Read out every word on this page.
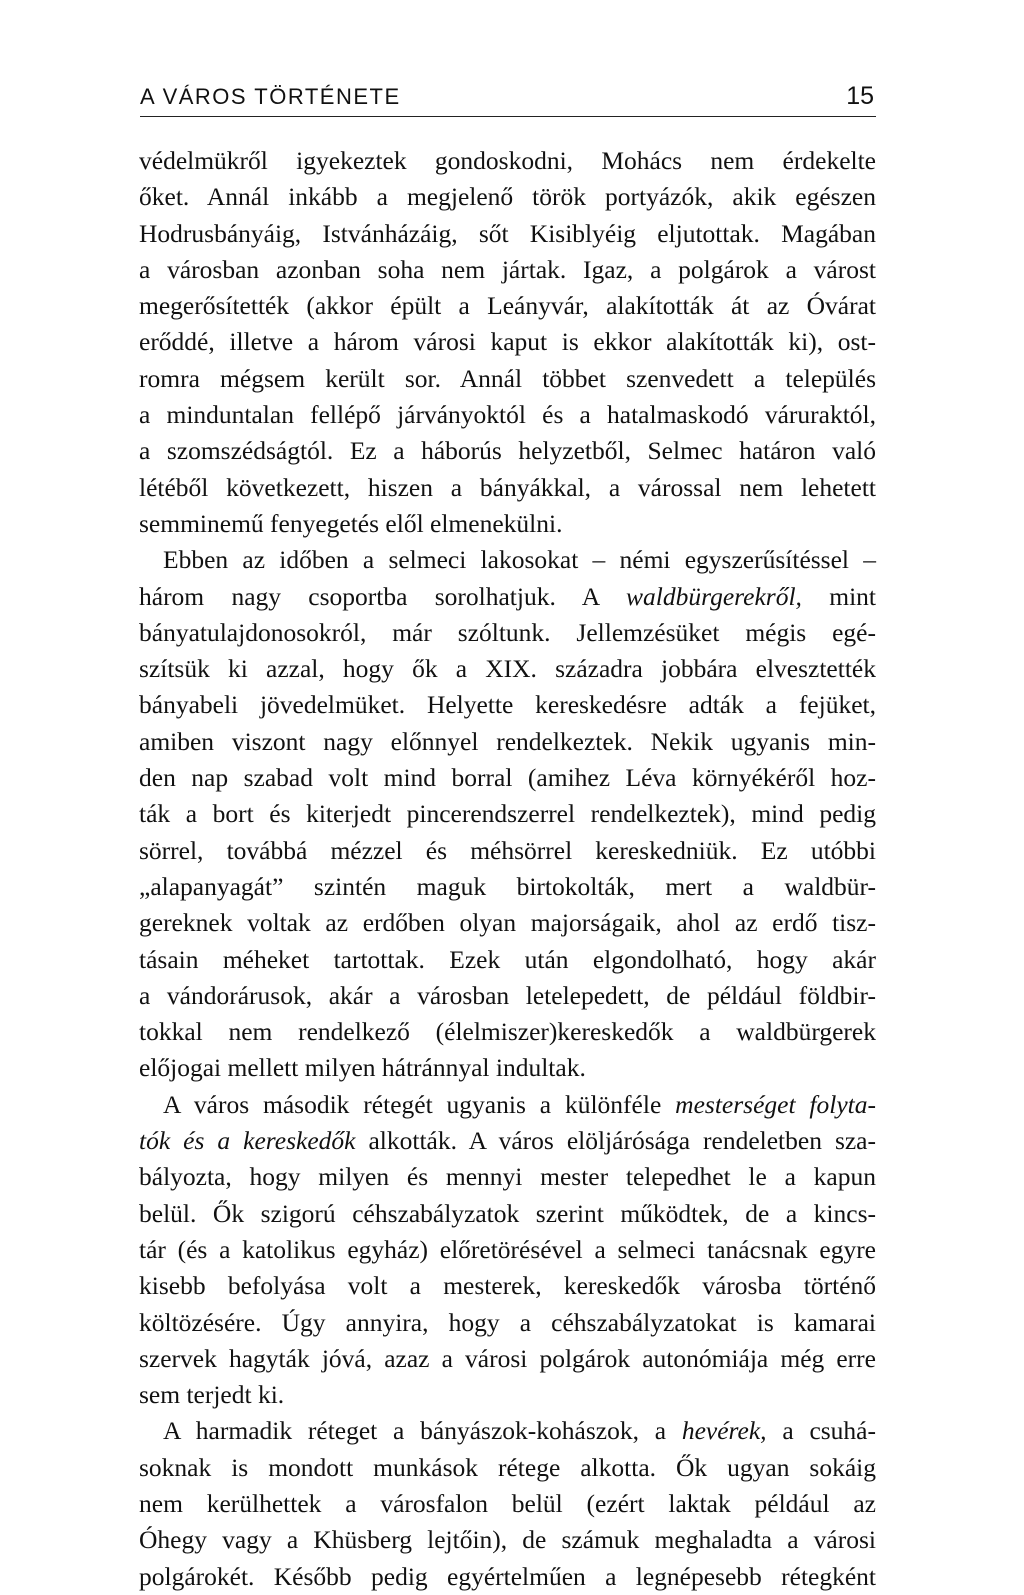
A VÁROS TÖRTÉNETE	15
védelmükről igyekeztek gondoskodni, Mohács nem érdekelte
őket. Annál inkább a megjelenő török portyázók, akik egészen
Hodrusbányáig, Istvánházáig, sőt Kisiblyéig eljutottak. Magában
a városban azonban soha nem jártak. Igaz, a polgárok a várost
megerősítették (akkor épült a Leányvár, alakították át az Óvárat
erőddé, illetve a három városi kaput is ekkor alakították ki), ost-
romra mégsem került sor. Annál többet szenvedett a település
a minduntalan fellépő járványoktól és a hatalmaskodó váruraktól,
a szomszédságtól. Ez a háborús helyzetből, Selmec határon való
létéből következett, hiszen a bányákkal, a várossal nem lehetett
semminemű fenyegetés elől elmenekülni.
Ebben az időben a selmeci lakosokat – némi egyszerűsítéssel –
három nagy csoportba sorolhatjuk. A waldbürgerekről, mint
bányatulajdonosokról, már szóltunk. Jellemzésüket mégis egé-
szítsük ki azzal, hogy ők a XIX. századra jobbára elvesztették
bányabeli jövedelmüket. Helyette kereskedésre adták a fejüket,
amiben viszont nagy előnnyel rendelkeztek. Nekik ugyanis min-
den nap szabad volt mind borral (amihez Léva környékéről hoz-
ták a bort és kiterjedt pincerendszerrel rendelkeztek), mind pedig
sörrel, továbbá mézzel és méhsörrel kereskedniük. Ez utóbbi
„alapanyagát” szintén maguk birtokolták, mert a waldbür-
gereknek voltak az erdőben olyan majorságaik, ahol az erdő tisz-
tásain méheket tartottak. Ezek után elgondolható, hogy akár
a vándorárusok, akár a városban letelepedett, de például földbir-
tokkal nem rendelkező (élelmiszer)kereskedők a waldbürgerek
előjogai mellett milyen hátránnyal indultak.
A város második rétegét ugyanis a különféle mesterséget folyta-
tók és a kereskedők alkották. A város elöljárósága rendeletben sza-
bályozta, hogy milyen és mennyi mester telepedhet le a kapun
belül. Ők szigorú céhszabályzatok szerint működtek, de a kincs-
tár (és a katolikus egyház) előretörésével a selmeci tanácsnak egyre
kisebb befolyása volt a mesterek, kereskedők városba történő
költözésére. Úgy annyira, hogy a céhszabályzatokat is kamarai
szervek hagyták jóvá, azaz a városi polgárok autonómiája még erre
sem terjedt ki.
A harmadik réteget a bányászok-kohászok, a hevérek, a csuhá-
soknak is mondott munkások rétege alkotta. Ők ugyan sokáig
nem kerülhettek a városfalon belül (ezért laktak például az
Óhegy vagy a Khüsberg lejtőin), de számuk meghaladta a városi
polgárokét. Később pedig egyértelműen a legnépesebb rétegként
